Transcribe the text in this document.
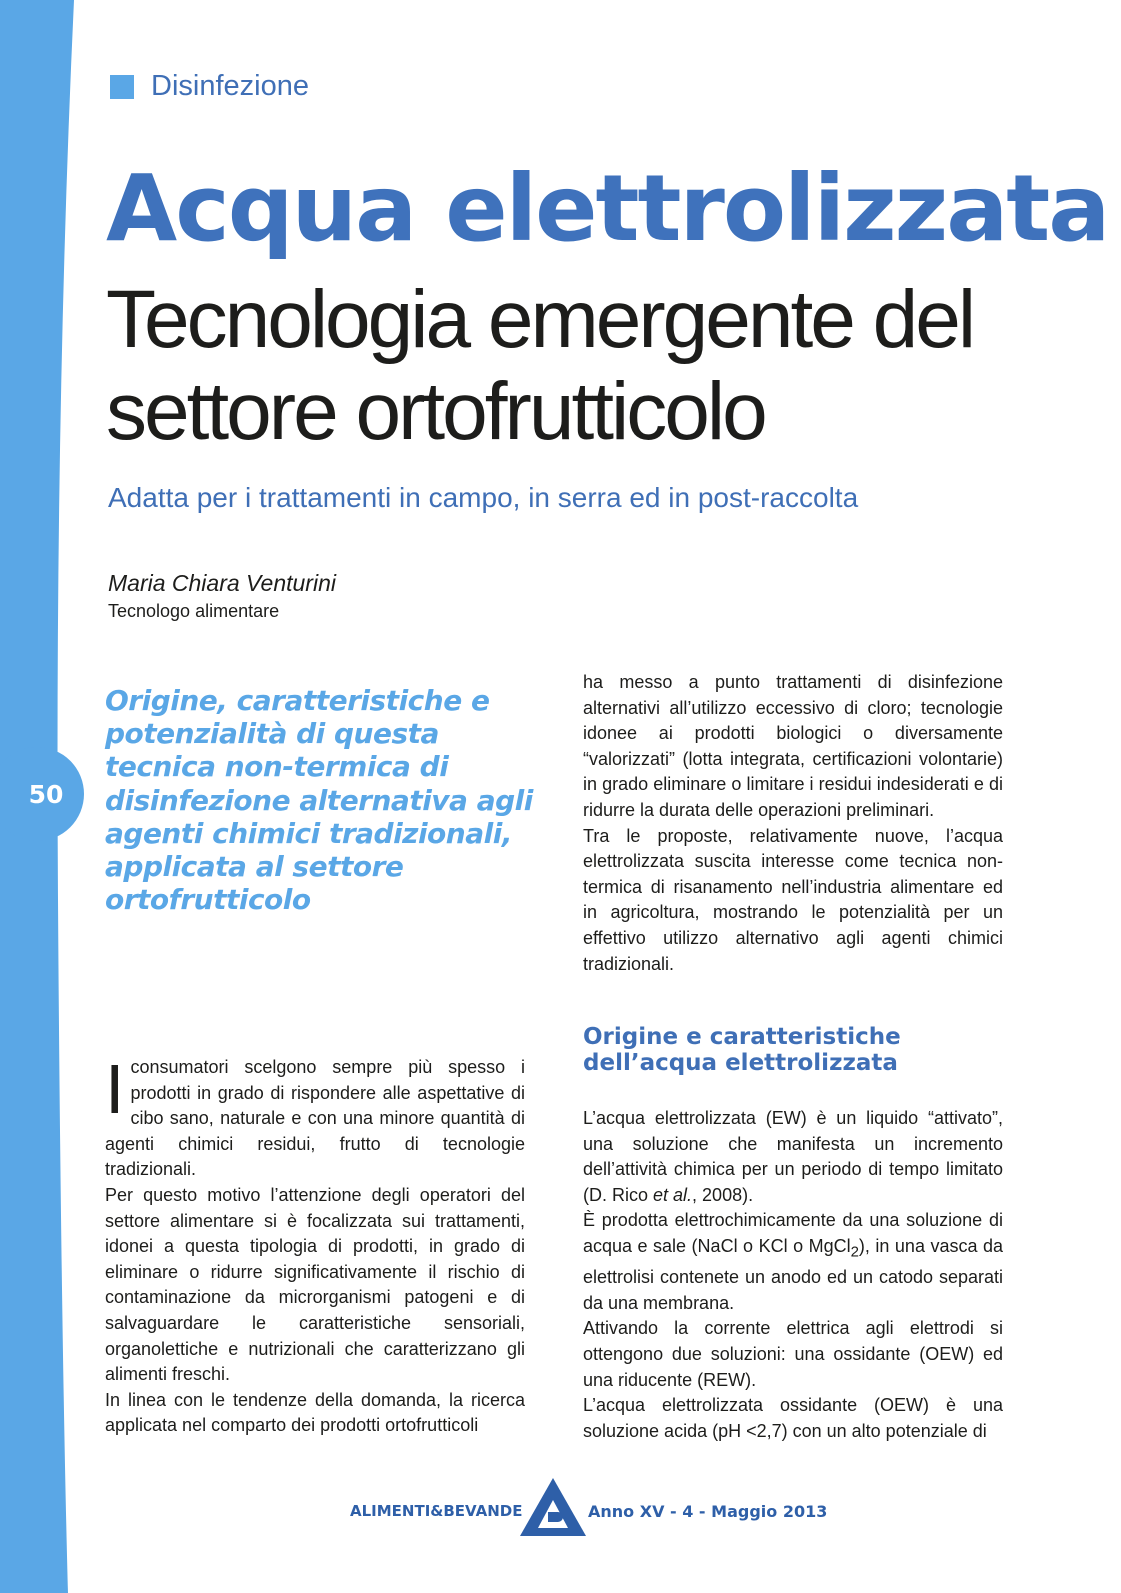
50
Disinfezione
Acqua elettrolizzata
Tecnologia emergente del settore ortofrutticolo
Adatta per i trattamenti in campo, in serra ed in post-raccolta
Maria Chiara Venturini
Tecnologo alimentare
Origine, caratteristiche e potenzialità di questa tecnica non-termica di disinfezione alternativa agli agenti chimici tradizionali, applicata al settore ortofrutticolo

ha messo a punto trattamenti di disinfezione alternativi all’utilizzo eccessivo di cloro; tecnologie idonee ai prodotti biologici o diversamente “valorizzati” (lotta integrata, certificazioni volontarie) in grado eliminare o limitare i residui indesiderati e di ridurre la durata delle operazioni preliminari.

Tra le proposte, relativamente nuove, l’acqua elettrolizzata suscita interesse come tecnica non-termica di risanamento nell’industria alimentare ed in agricoltura, mostrando le potenzialità per un effettivo utilizzo alternativo agli agenti chimici tradizionali.

Iconsumatori scelgono sempre più spesso i prodotti in grado di rispondere alle aspettative di cibo sano, naturale e con una minore quantità di agenti chimici residui, frutto di tecnologie tradizionali.

Per questo motivo l’attenzione degli operatori del settore alimentare si è focalizzata sui trattamenti, idonei a questa tipologia di prodotti, in grado di eliminare o ridurre significativamente il rischio di contaminazione da microrganismi patogeni e di salvaguardare le caratteristiche sensoriali, organolettiche e nutrizionali che caratterizzano gli alimenti freschi.

In linea con le tendenze della domanda, la ricerca applicata nel comparto dei prodotti ortofrutticoli

Origine e caratteristiche dell’acqua elettrolizzata

L’acqua elettrolizzata (EW) è un liquido “attivato”, una soluzione che manifesta un incremento dell’attività chimica per un periodo di tempo limitato (D. Rico et al., 2008).

È prodotta elettrochimicamente da una soluzione di acqua e sale (NaCl o KCl o MgCl$_2$), in una vasca da elettrolisi contenete un anodo ed un catodo separati da una membrana.

Attivando la corrente elettrica agli elettrodi si ottengono due soluzioni: una ossidante (OEW) ed una riducente (REW).

L’acqua elettrolizzata ossidante (OEW) è una soluzione acida (pH <2,7) con un alto potenziale di

ALIMENTI&BEVANDE	Anno XV - 4 - Maggio 2013
